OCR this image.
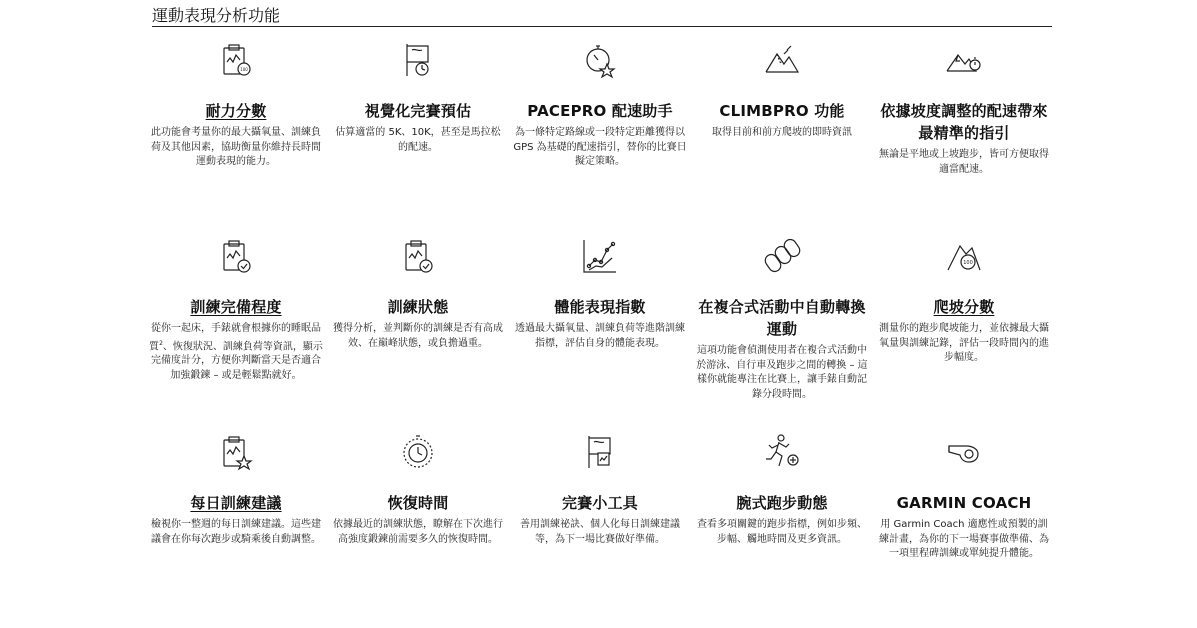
運動表現分析功能
100
耐力分數
此功能會考量你的最大攝氧量、訓練負荷及其他因素，協助衡量你維持長時間運動表現的能力。
視覺化完賽預估
估算適當的 5K、10K，甚至是馬拉松的配速。
PACEPRO 配速助手
為一條特定路線或一段特定距離獲得以 GPS 為基礎的配速指引，替你的比賽日擬定策略。
CLIMBPRO 功能
取得目前和前方爬坡的即時資訊
依據坡度調整的配速帶來最精準的指引
無論是平地或上坡跑步，皆可方便取得適當配速。
訓練完備程度
從你一起床，手錶就會根據你的睡眠品質$^2$、恢復狀況、訓練負荷等資訊，顯示完備度計分，方便你判斷當天是否適合加強鍛鍊 – 或是輕鬆點就好。
訓練狀態
獲得分析，並判斷你的訓練是否有高成效、在巔峰狀態，或負擔過重。
體能表現指數
透過最大攝氧量、訓練負荷等進階訓練指標，評估自身的體能表現。
在複合式活動中自動轉換運動
這項功能會偵測使用者在複合式活動中於游泳、自行車及跑步之間的轉換 – 這樣你就能專注在比賽上，讓手錶自動記錄分段時間。
100
爬坡分數
測量你的跑步爬坡能力，並依據最大攝氧量與訓練記錄，評估一段時間內的進步幅度。
每日訓練建議
檢視你一整週的每日訓練建議。這些建議會在你每次跑步或騎乘後自動調整。
恢復時間
依據最近的訓練狀態，瞭解在下次進行高強度鍛鍊前需要多久的恢復時間。
完賽小工具
善用訓練祕訣、個人化每日訓練建議等，為下一場比賽做好準備。
腕式跑步動態
查看多項關鍵的跑步指標，例如步頻、步幅、觸地時間及更多資訊。
GARMIN COACH
用 Garmin Coach 適應性或預製的訓練計畫，為你的下一場賽事做準備、為一項里程碑訓練或單純提升體能。
